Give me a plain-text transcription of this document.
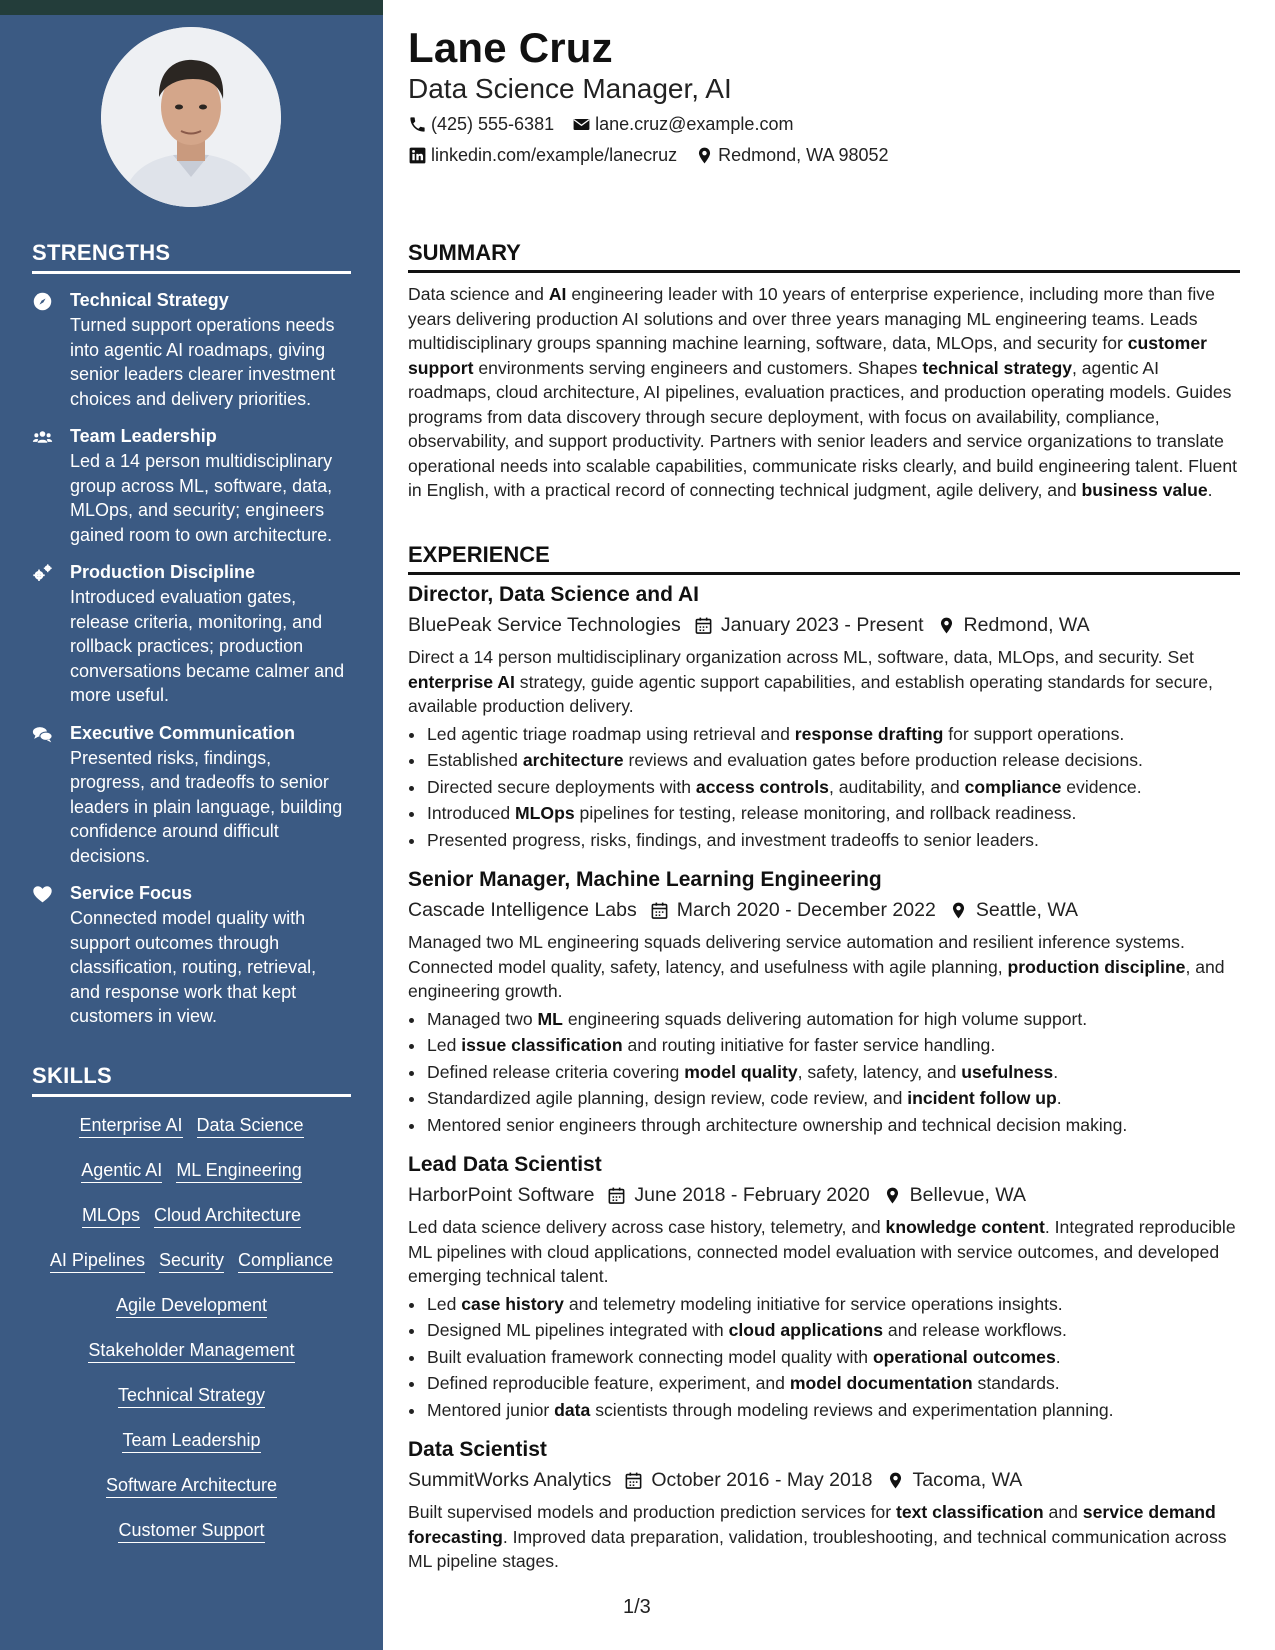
STRENGTHS
Technical Strategy
Turned support operations needs into agentic AI roadmaps, giving senior leaders clearer investment choices and delivery priorities.
Team Leadership
Led a 14 person multidisciplinary group across ML, software, data, MLOps, and security; engineers gained room to own architecture.
Production Discipline
Introduced evaluation gates, release criteria, monitoring, and rollback practices; production conversations became calmer and more useful.
Executive Communication
Presented risks, findings, progress, and tradeoffs to senior leaders in plain language, building confidence around difficult decisions.
Service Focus
Connected model quality with support outcomes through classification, routing, retrieval, and response work that kept customers in view.
SKILLS
Enterprise AI Data Science
Agentic AI ML Engineering
MLOps Cloud Architecture
AI Pipelines Security Compliance
Agile Development
Stakeholder Management
Technical Strategy
Team Leadership
Software Architecture
Customer Support
Lane Cruz
Data Science Manager, AI
(425) 555-6381 lane.cruz@example.com
linkedin.com/example/lanecruz Redmond, WA 98052
SUMMARY

Data science and AI engineering leader with 10 years of enterprise experience, including more than five years delivering production AI solutions and over three years managing ML engineering teams. Leads multidisciplinary groups spanning machine learning, software, data, MLOps, and security for customer support environments serving engineers and customers. Shapes technical strategy, agentic AI roadmaps, cloud architecture, AI pipelines, evaluation practices, and production operating models. Guides programs from data discovery through secure deployment, with focus on availability, compliance, observability, and support productivity. Partners with senior leaders and service organizations to translate operational needs into scalable capabilities, communicate risks clearly, and build engineering talent. Fluent in English, with a practical record of connecting technical judgment, agile delivery, and business value.

EXPERIENCE
Director, Data Science and AI
BluePeak Service Technologies January 2023 - Present Redmond, WA

Direct a 14 person multidisciplinary organization across ML, software, data, MLOps, and security. Set enterprise AI strategy, guide agentic support capabilities, and establish operating standards for secure, available production delivery.

• Led agentic triage roadmap using retrieval and response drafting for support operations.
• Established architecture reviews and evaluation gates before production release decisions.
• Directed secure deployments with access controls, auditability, and compliance evidence.
• Introduced MLOps pipelines for testing, release monitoring, and rollback readiness.
• Presented progress, risks, findings, and investment tradeoffs to senior leaders.
Senior Manager, Machine Learning Engineering
Cascade Intelligence Labs March 2020 - December 2022 Seattle, WA

Managed two ML engineering squads delivering service automation and resilient inference systems. Connected model quality, safety, latency, and usefulness with agile planning, production discipline, and engineering growth.

• Managed two ML engineering squads delivering automation for high volume support.
• Led issue classification and routing initiative for faster service handling.
• Defined release criteria covering model quality, safety, latency, and usefulness.
• Standardized agile planning, design review, code review, and incident follow up.
• Mentored senior engineers through architecture ownership and technical decision making.
Lead Data Scientist
HarborPoint Software June 2018 - February 2020 Bellevue, WA

Led data science delivery across case history, telemetry, and knowledge content. Integrated reproducible ML pipelines with cloud applications, connected model evaluation with service outcomes, and developed emerging technical talent.

• Led case history and telemetry modeling initiative for service operations insights.
• Designed ML pipelines integrated with cloud applications and release workflows.
• Built evaluation framework connecting model quality with operational outcomes.
• Defined reproducible feature, experiment, and model documentation standards.
• Mentored junior data scientists through modeling reviews and experimentation planning.
Data Scientist
SummitWorks Analytics October 2016 - May 2018 Tacoma, WA

Built supervised models and production prediction services for text classification and service demand forecasting. Improved data preparation, validation, troubleshooting, and technical communication across ML pipeline stages.

1/3
